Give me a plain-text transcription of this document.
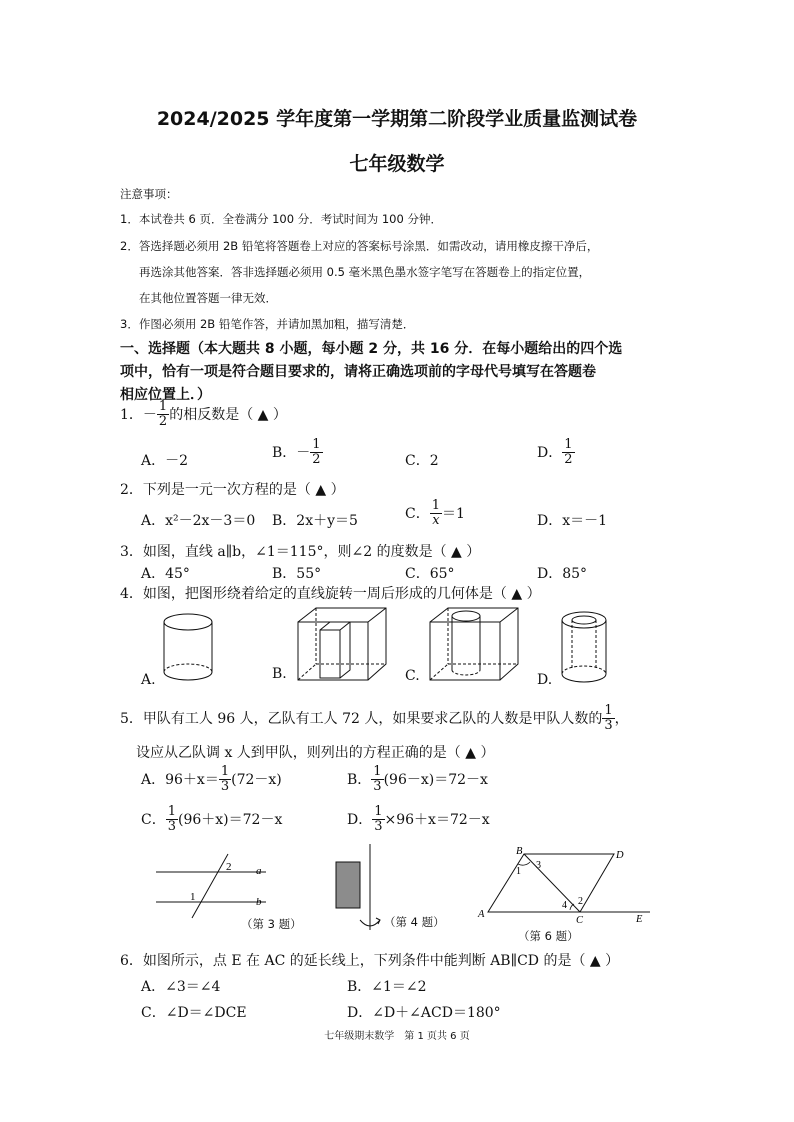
2024/2025 学年度第一学期第二阶段学业质量监测试卷
七年级数学
注意事项：
1．本试卷共 6 页．全卷满分 100 分．考试时间为 100 分钟．
2．答选择题必须用 2B 铅笔将答题卷上对应的答案标号涂黑．如需改动，请用橡皮擦干净后，
再选涂其他答案．答非选择题必须用 0.5 毫米黑色墨水签字笔写在答题卷上的指定位置，
在其他位置答题一律无效．
3．作图必须用 2B 铅笔作答，并请加黑加粗，描写清楚．
一、选择题（本大题共 8 小题，每小题 2 分，共 16 分．在每小题给出的四个选
项中，恰有一项是符合题目要求的，请将正确选项前的字母代号填写在答题卷
相应位置上．）
1． － $\frac{1}{2}$ 的相反数是（ ▲ ）
A．－2	B．－ $\frac{1}{2}$	C．2	D． $\frac{1}{2}$
2．下列是一元一次方程的是（ ▲ ）
A．x²－2x－3＝0 B．2x＋y＝5	C． $\frac{1}{x} =1$	D．x＝－1
3．如图，直线 a∥b，∠1＝115°，则∠2 的度数是（ ▲ ）
A．45°	B．55°	C．65°	D．85°
4．如图，把图形绕着给定的直线旋转一周后形成的几何体是（ ▲ ）
A.	B.	C.	D.
5．甲队有工人 96 人，乙队有工人 72 人，如果要求乙队的人数是甲队人数的 $\frac{1}{3}$ ，
设应从乙队调 x 人到甲队，则列出的方程正确的是（ ▲ ）
A．$96+x= \frac{1}{3} (72-x)$	B． $\frac{1}{3} (96-x)=72-x$
C． $\frac{1}{3} (96+x)=72-x$	D． $\frac{1}{3} \times 96+x=72-x$
2 a
1	b
（第 3 题）	（第 4 题）
B	D
3
1
2
4
A
C	E
（第 6 题）
6．如图所示，点 E 在 AC 的延长线上，下列条件中能判断 AB∥CD 的是（ ▲ ）
A．∠3＝∠4	B．∠1＝∠2
C．∠D＝∠DCE	D．∠D＋∠ACD＝180°
七年级期末数学　第 1 页共 6 页
